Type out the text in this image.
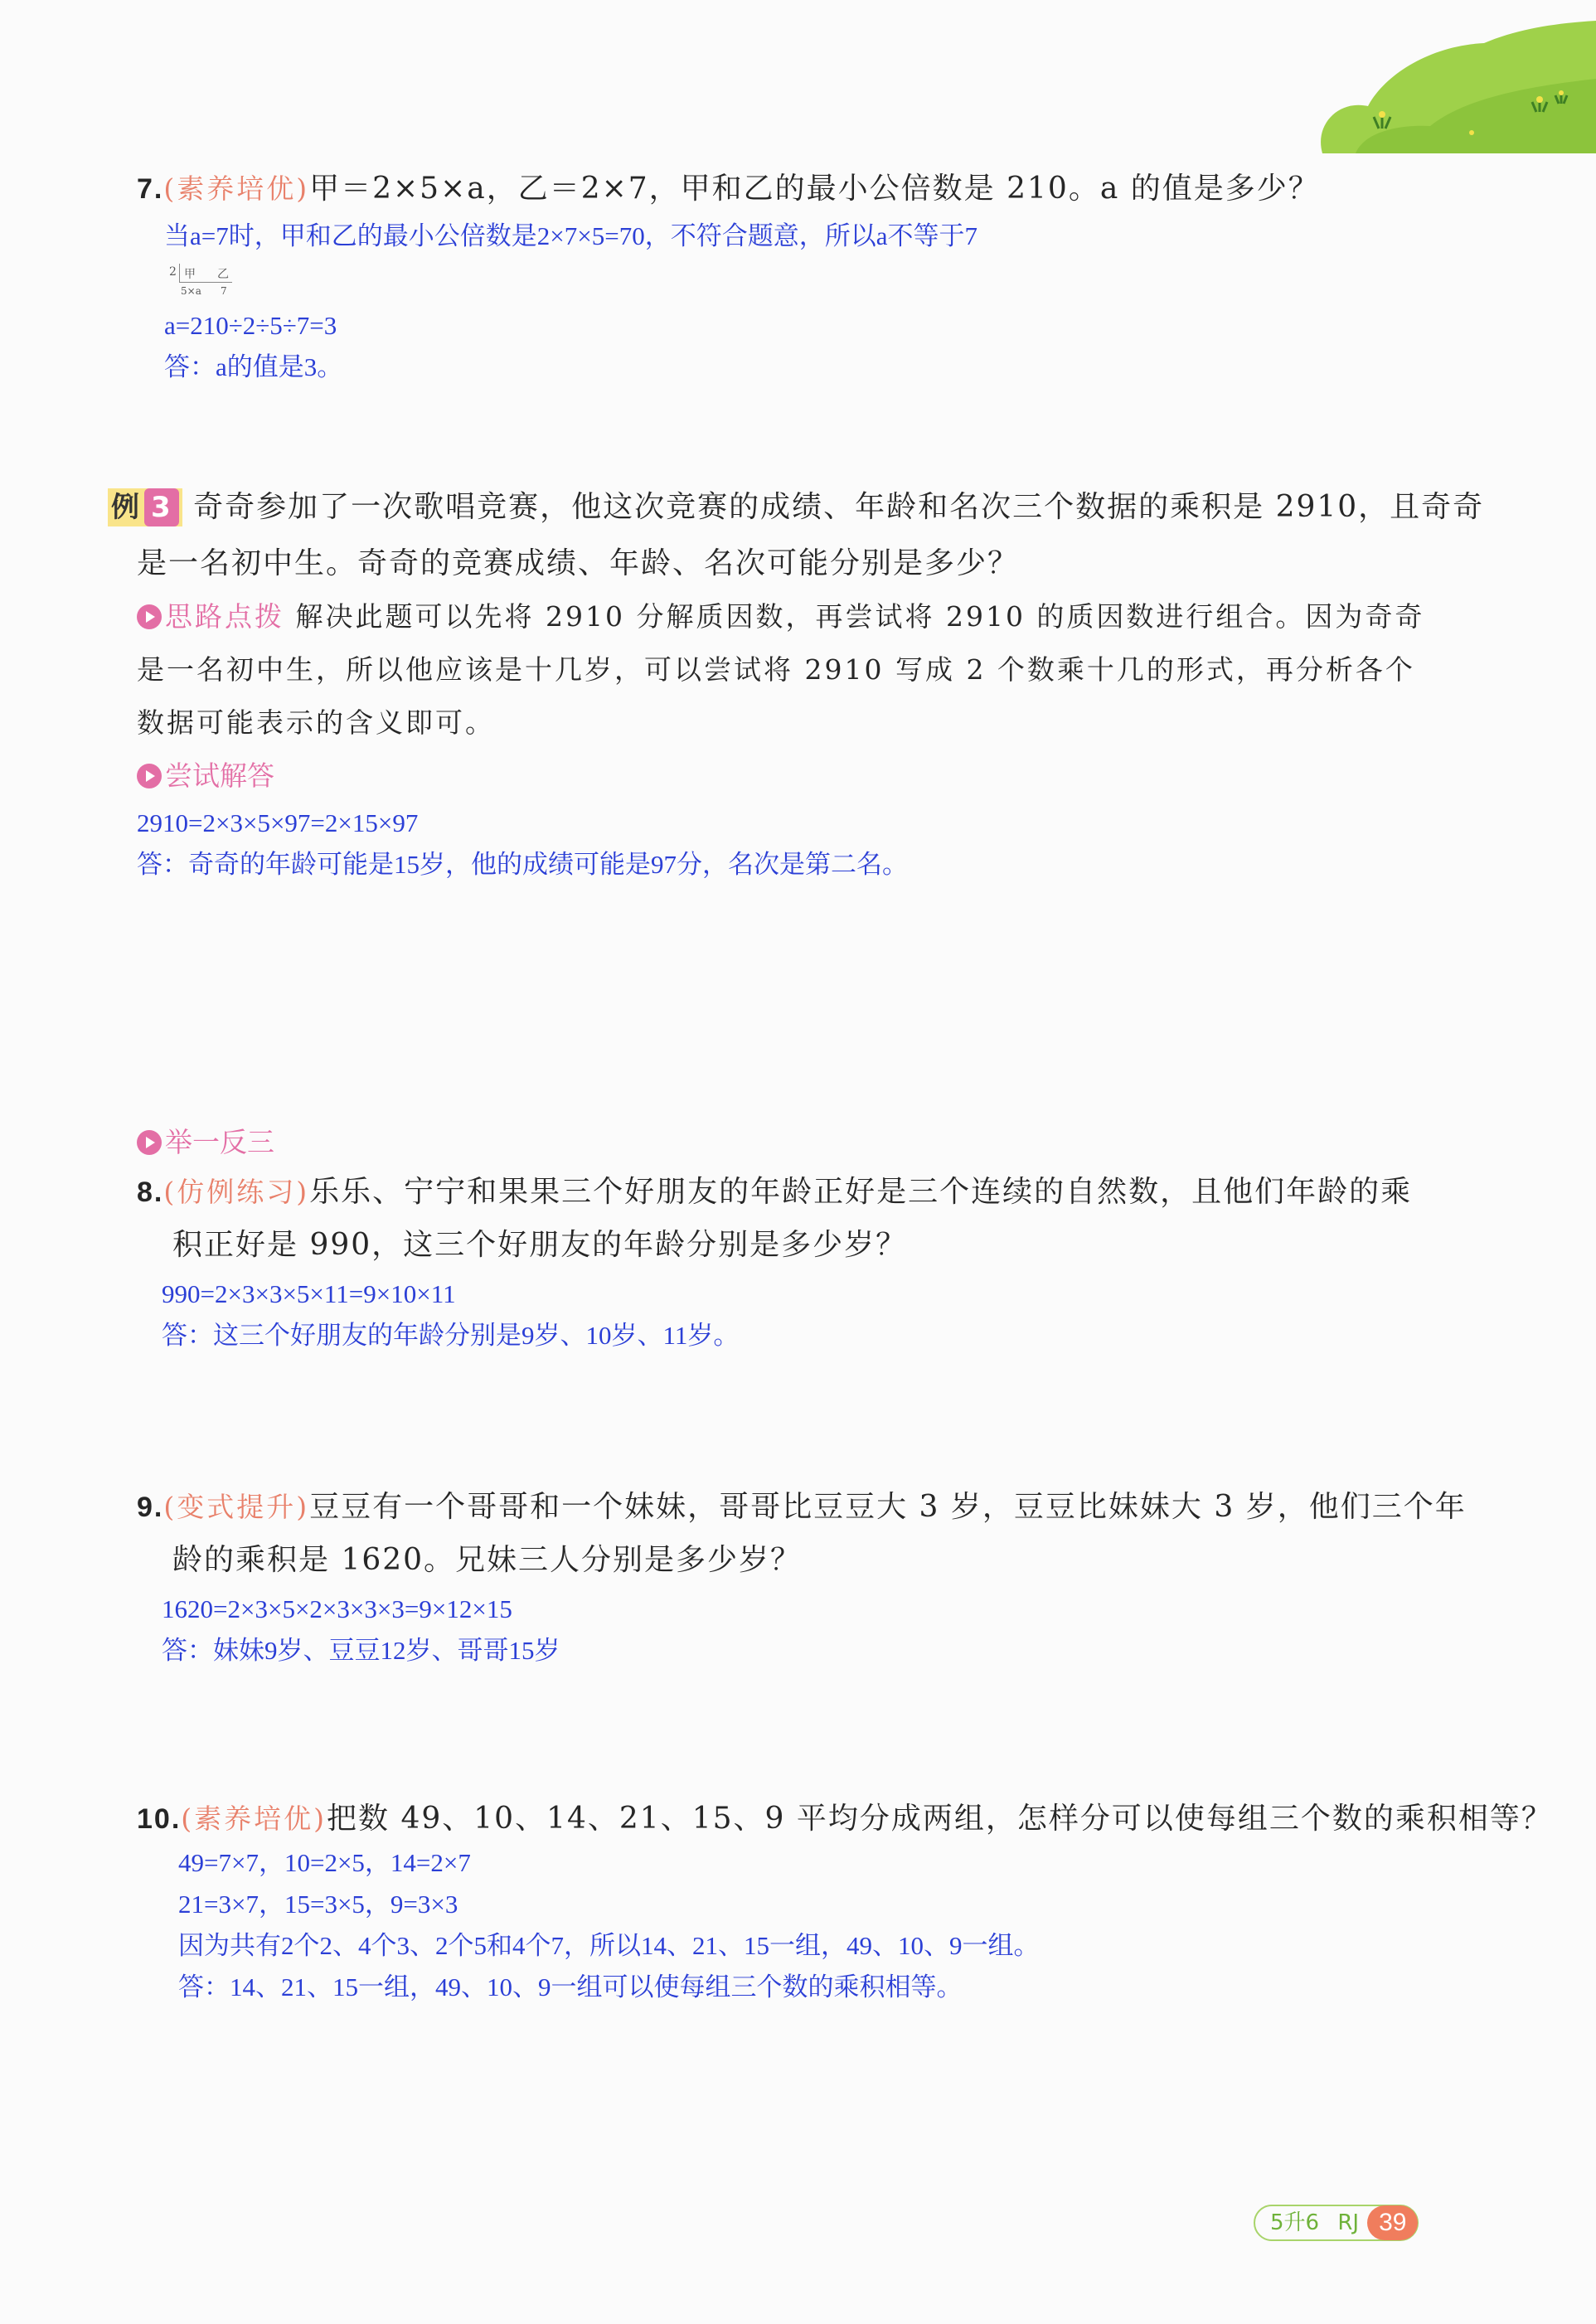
7.(素养培优)甲＝2×5×a，乙＝2×7，甲和乙的最小公倍数是 210。a 的值是多少？
当a=7时，甲和乙的最小公倍数是2×7×5=70，不符合题意，所以a不等于7
2 甲 乙
5×a 7
a=210÷2÷5÷7=3
答：a的值是3。
例 3 奇奇参加了一次歌唱竞赛，他这次竞赛的成绩、年龄和名次三个数据的乘积是 2910，且奇奇
是一名初中生。奇奇的竞赛成绩、年龄、名次可能分别是多少？
思路点拨 解决此题可以先将 2910 分解质因数，再尝试将 2910 的质因数进行组合。因为奇奇
是一名初中生，所以他应该是十几岁，可以尝试将 2910 写成 2 个数乘十几的形式，再分析各个
数据可能表示的含义即可。
尝试解答
2910=2×3×5×97=2×15×97
答：奇奇的年龄可能是15岁，他的成绩可能是97分，名次是第二名。
举一反三
8.(仿例练习)乐乐、宁宁和果果三个好朋友的年龄正好是三个连续的自然数，且他们年龄的乘
积正好是 990，这三个好朋友的年龄分别是多少岁？
990=2×3×3×5×11=9×10×11
答：这三个好朋友的年龄分别是9岁、10岁、11岁。
9.(变式提升)豆豆有一个哥哥和一个妹妹，哥哥比豆豆大 3 岁，豆豆比妹妹大 3 岁，他们三个年
龄的乘积是 1620。兄妹三人分别是多少岁？
1620=2×3×5×2×3×3×3=9×12×15
答：妹妹9岁、豆豆12岁、哥哥15岁
10.(素养培优)把数 49、10、14、21、15、9 平均分成两组，怎样分可以使每组三个数的乘积相等？
49=7×7，10=2×5，14=2×7
21=3×7，15=3×5，9=3×3
因为共有2个2、4个3、2个5和4个7，所以14、21、15一组，49、10、9一组。
答：14、21、15一组，49、10、9一组可以使每组三个数的乘积相等。
5升6 RJ 39
